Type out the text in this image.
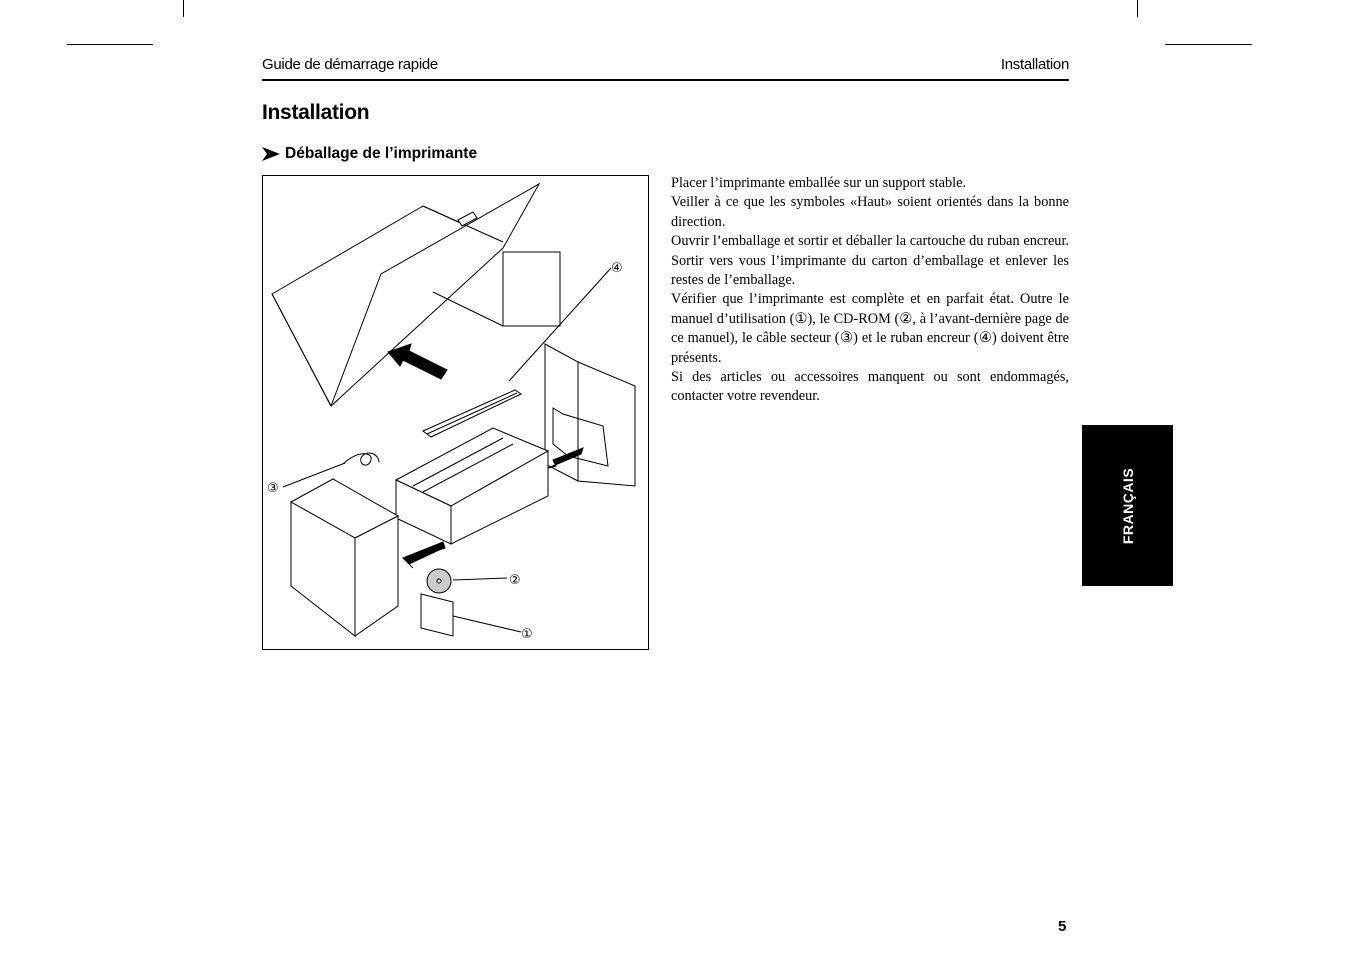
Guide de démarrage rapide	Installation
Installation
Déballage de l’imprimante
④
②
①
③

Placer l’imprimante emballée sur un support stable.

Veiller à ce que les symboles «Haut» soient orientés dans la bonne direction.

Ouvrir l’emballage et sortir et déballer la cartouche du ruban encreur. Sortir vers vous l’imprimante du carton d’emballage et enlever les restes de l’emballage.

Vérifier que l’imprimante est complète et en parfait état. Outre le manuel d’utilisation (①), le CD-ROM (②, à l’avant-dernière page de ce manuel), le câble secteur (③) et le ruban encreur (④) doivent être présents.

Si des articles ou accessoires manquent ou sont endommagés, contacter votre revendeur.

FRANÇAIS
5
